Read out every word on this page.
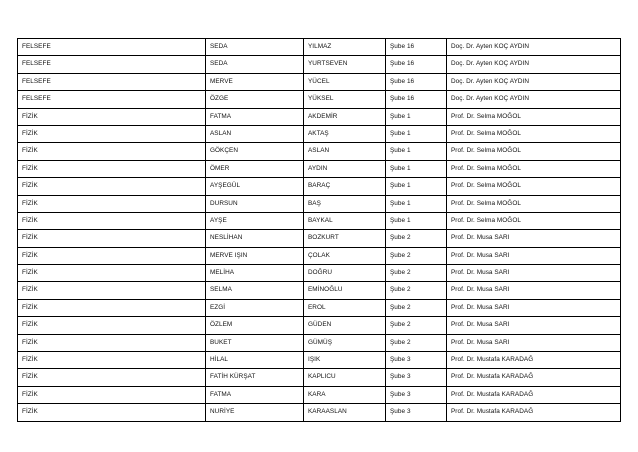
FELSEFE	SEDA	YILMAZ	Şube 16	Doç. Dr. Ayten KOÇ AYDIN
FELSEFE	SEDA	YURTSEVEN	Şube 16	Doç. Dr. Ayten KOÇ AYDIN
FELSEFE	MERVE	YÜCEL	Şube 16	Doç. Dr. Ayten KOÇ AYDIN
FELSEFE	ÖZGE	YÜKSEL	Şube 16	Doç. Dr. Ayten KOÇ AYDIN
FİZİK	FATMA	AKDEMİR	Şube 1	Prof. Dr. Selma MOĞOL
FİZİK	ASLAN	AKTAŞ	Şube 1	Prof. Dr. Selma MOĞOL
FİZİK	GÖKÇEN	ASLAN	Şube 1	Prof. Dr. Selma MOĞOL
FİZİK	ÖMER	AYDIN	Şube 1	Prof. Dr. Selma MOĞOL
FİZİK	AYŞEGÜL	BARAÇ	Şube 1	Prof. Dr. Selma MOĞOL
FİZİK	DURSUN	BAŞ	Şube 1	Prof. Dr. Selma MOĞOL
FİZİK	AYŞE	BAYKAL	Şube 1	Prof. Dr. Selma MOĞOL
FİZİK	NESLİHAN	BOZKURT	Şube 2	Prof. Dr. Musa SARI
FİZİK	MERVE IŞIN	ÇOLAK	Şube 2	Prof. Dr. Musa SARI
FİZİK	MELİHA	DOĞRU	Şube 2	Prof. Dr. Musa SARI
FİZİK	SELMA	EMİNOĞLU	Şube 2	Prof. Dr. Musa SARI
FİZİK	EZGİ	EROL	Şube 2	Prof. Dr. Musa SARI
FİZİK	ÖZLEM	GÜDEN	Şube 2	Prof. Dr. Musa SARI
FİZİK	BUKET	GÜMÜŞ	Şube 2	Prof. Dr. Musa SARI
FİZİK	HİLAL	IŞIK	Şube 3	Prof. Dr. Mustafa KARADAĞ
FİZİK	FATİH KÜRŞAT	KAPLICU	Şube 3	Prof. Dr. Mustafa KARADAĞ
FİZİK	FATMA	KARA	Şube 3	Prof. Dr. Mustafa KARADAĞ
FİZİK	NURİYE	KARAASLAN	Şube 3	Prof. Dr. Mustafa KARADAĞ
